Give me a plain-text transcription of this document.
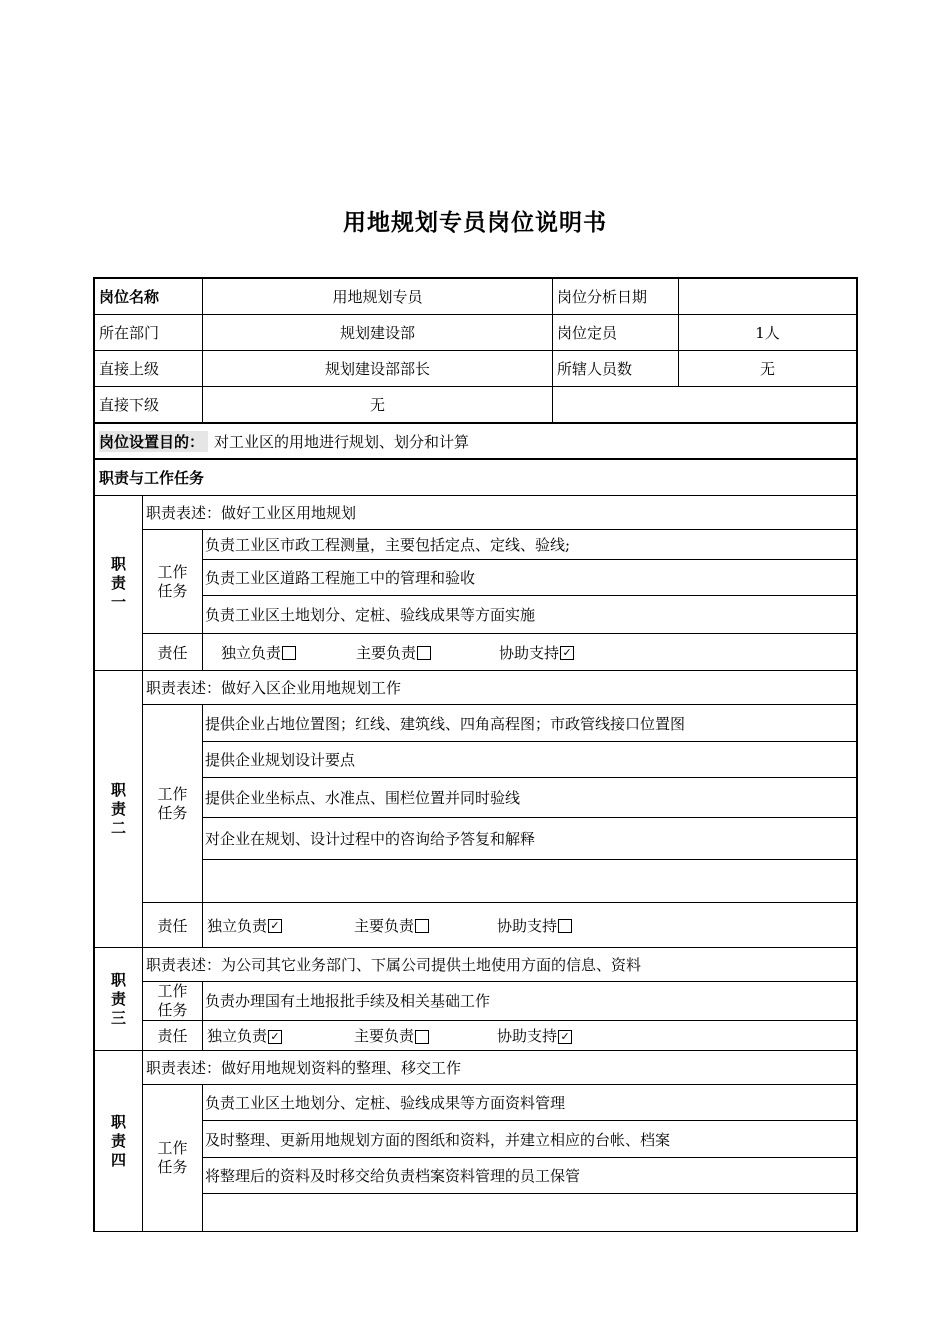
用地规划专员岗位说明书
岗位名称	用地规划专员	岗位分析日期
所在部门	规划建设部	岗位定员	1人
直接上级	规划建设部部长	所辖人员数	无
直接下级	无
岗位设置目的： 对工业区的用地进行规划、划分和计算
职责与工作任务
职
责
一
职责表述：做好工业区用地规划
工作
任务
负责工业区市政工程测量，主要包括定点、定线、验线;
负责工业区道路工程施工中的管理和验收
负责工业区土地划分、定桩、验线成果等方面实施
责任	独立负责	主要负责	协助支持 ✓
职
责
二
职责表述：做好入区企业用地规划工作
工作
任务
提供企业占地位置图；红线、建筑线、四角高程图；市政管线接口位置图
提供企业规划设计要点
提供企业坐标点、水准点、围栏位置并同时验线
对企业在规划、设计过程中的咨询给予答复和解释
责任	独立负责 ✓	主要负责	协助支持
职
责
三
职责表述：为公司其它业务部门、下属公司提供土地使用方面的信息、资料
工作
任务
负责办理国有土地报批手续及相关基础工作
责任	独立负责 ✓	主要负责	协助支持 ✓
职
责
四
职责表述：做好用地规划资料的整理、移交工作
工作
任务
负责工业区土地划分、定桩、验线成果等方面资料管理
及时整理、更新用地规划方面的图纸和资料，并建立相应的台帐、档案
将整理后的资料及时移交给负责档案资料管理的员工保管
